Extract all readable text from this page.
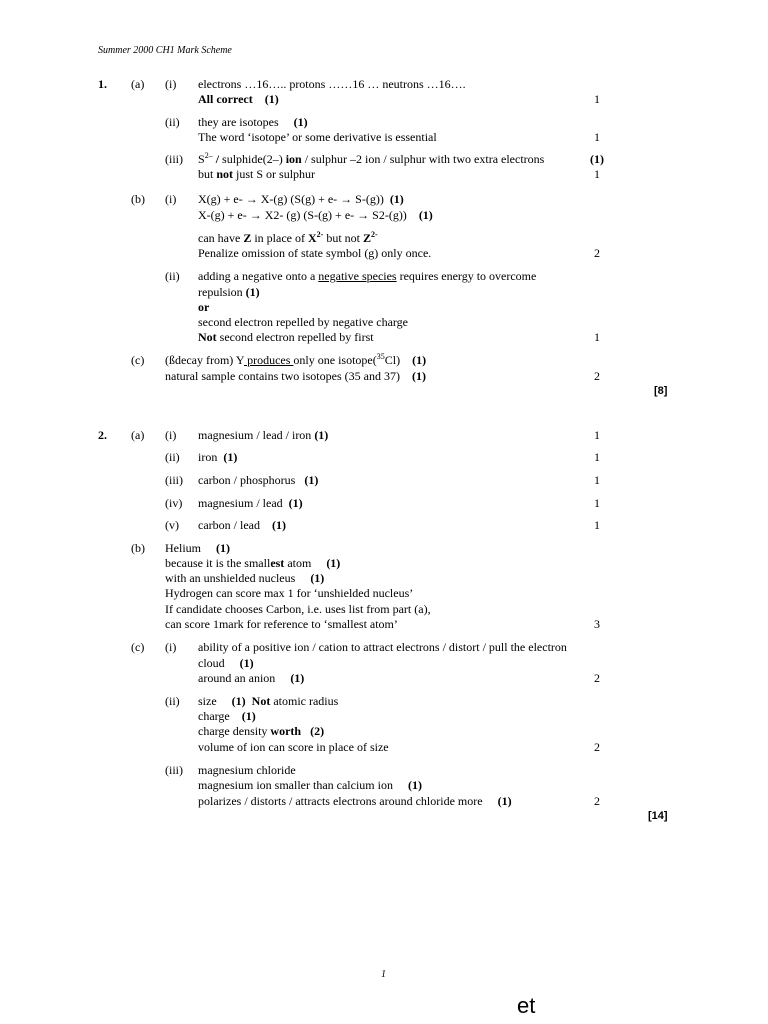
Summer 2000 CH1 Mark Scheme
1. (a) (i) electrons …16….. protons ……16 … neutrons …16….
All correct (1)	1
(ii) they are isotopes (1)
The word ‘isotope’ or some derivative is essential	1
(iii) $S^{2-}$ / sulphide(2–) ion / sulphur –2 ion / sulphur with two extra electrons	(1)
but not just S or sulphur	1
(b) (i) X(g) + e- → X-(g) (S(g) + e- → S-(g)) (1)
X-(g) + e- → X2- (g) (S-(g) + e- → S2-(g)) (1)
can have Z in place of $X^{2-}$ but not $Z^{2-}$
Penalize omission of state symbol (g) only once.	2
(ii) adding a negative onto a negative species requires energy to overcome
repulsion (1)
or
second electron repelled by negative charge
Not second electron repelled by first	1
(c) (ßdecay from) Y produces only one isotope($^{35}$Cl) (1)
natural sample contains two isotopes (35 and 37) (1)	2
[8]
2. (a) (i) magnesium / lead / iron (1)	1
(ii) iron  (1)	1
(iii) carbon / phosphorus   (1)	1
(iv) magnesium / lead  (1)	1
(v) carbon / lead    (1)	1
(b) Helium (1)
because it is the smallest atom (1)
with an unshielded nucleus (1)
Hydrogen can score max 1 for ‘unshielded nucleus’
If candidate chooses Carbon, i.e. uses list from part (a),
can score 1mark for reference to ‘smallest atom’	3
(c) (i) ability of a positive ion / cation to attract electrons / distort / pull the electron
cloud (1)
around an anion (1)	2
(ii) size (1) Not atomic radius
charge (1)
charge density worth (2)
volume of ion can score in place of size	2
(iii) magnesium chloride
magnesium ion smaller than calcium ion (1)
polarizes / distorts / attracts electrons around chloride more (1)	2
[14]
1
et
